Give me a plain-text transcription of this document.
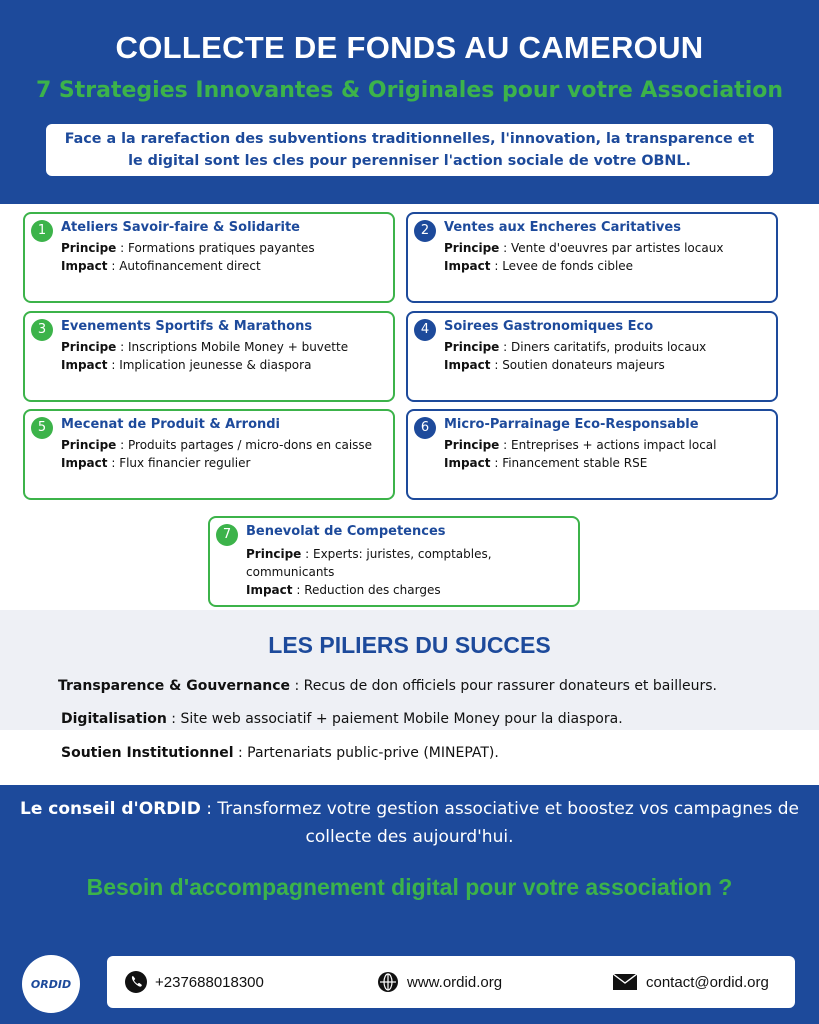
COLLECTE DE FONDS AU CAMEROUN
7 Strategies Innovantes & Originales pour votre Association
Face a la rarefaction des subventions traditionnelles, l'innovation, la transparence et le digital sont les cles pour perenniser l'action sociale de votre OBNL.
1	Ateliers Savoir-faire & Solidarite
Principe : Formations pratiques payantes
Impact : Autofinancement direct
2	Ventes aux Encheres Caritatives
Principe : Vente d'oeuvres par artistes locaux
Impact : Levee de fonds ciblee
3	Evenements Sportifs & Marathons
Principe : Inscriptions Mobile Money + buvette
Impact : Implication jeunesse & diaspora
4	Soirees Gastronomiques Eco
Principe : Diners caritatifs, produits locaux
Impact : Soutien donateurs majeurs
5	Mecenat de Produit & Arrondi
Principe : Produits partages / micro-dons en caisse
Impact : Flux financier regulier
6	Micro-Parrainage Eco-Responsable
Principe : Entreprises + actions impact local
Impact : Financement stable RSE
7	Benevolat de Competences
Principe : Experts: juristes, comptables, communicants
Impact : Reduction des charges
LES PILIERS DU SUCCES
Transparence & Gouvernance : Recus de don officiels pour rassurer donateurs et bailleurs.
Digitalisation : Site web associatif + paiement Mobile Money pour la diaspora.
Soutien Institutionnel : Partenariats public-prive (MINEPAT).
Le conseil d'ORDID : Transformez votre gestion associative et boostez vos campagnes de collecte des aujourd'hui.
Besoin d'accompagnement digital pour votre association ?
ORDID	+237688018300	www.ordid.org	contact@ordid.org
